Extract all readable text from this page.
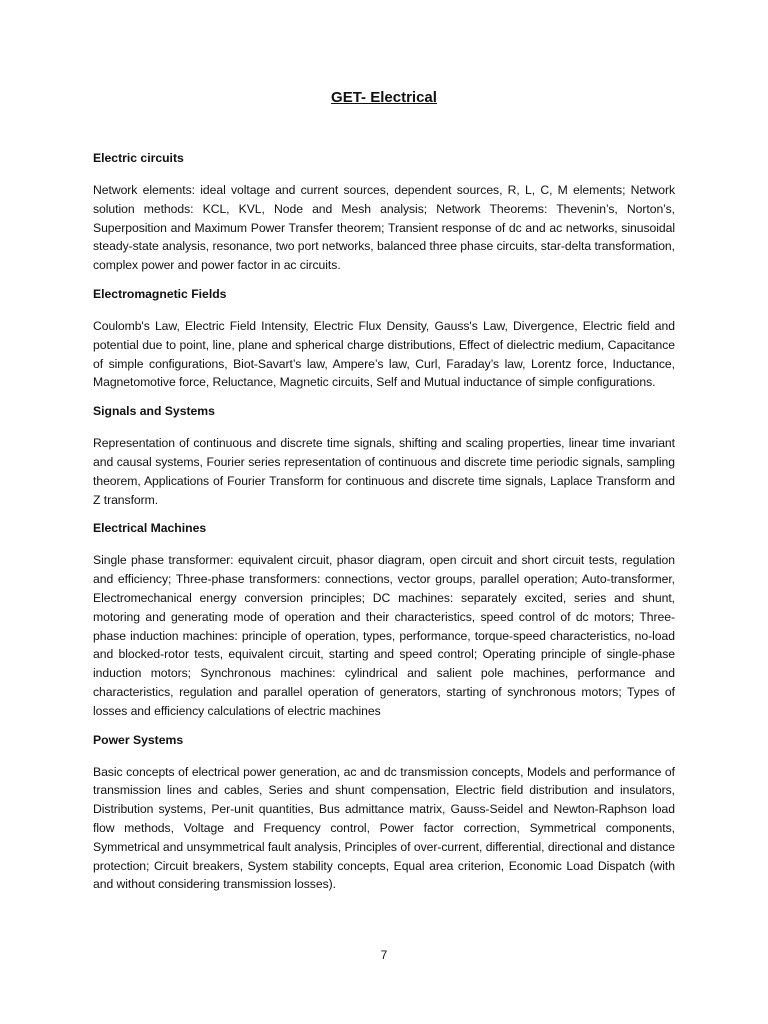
GET- Electrical
Electric circuits

Network elements: ideal voltage and current sources, dependent sources, R, L, C, M elements; Network solution methods: KCL, KVL, Node and Mesh analysis; Network Theorems: Thevenin’s, Norton’s, Superposition and Maximum Power Transfer theorem; Transient response of dc and ac networks, sinusoidal steady-state analysis, resonance, two port networks, balanced three phase circuits, star-delta transformation, complex power and power factor in ac circuits.

Electromagnetic Fields

Coulomb's Law, Electric Field Intensity, Electric Flux Density, Gauss's Law, Divergence, Electric field and potential due to point, line, plane and spherical charge distributions, Effect of dielectric medium, Capacitance of simple configurations, Biot-Savart’s law, Ampere’s law, Curl, Faraday’s law, Lorentz force, Inductance, Magnetomotive force, Reluctance, Magnetic circuits, Self and Mutual inductance of simple configurations.

Signals and Systems

Representation of continuous and discrete time signals, shifting and scaling properties, linear time invariant and causal systems, Fourier series representation of continuous and discrete time periodic signals, sampling theorem, Applications of Fourier Transform for continuous and discrete time signals, Laplace Transform and Z transform.

Electrical Machines

Single phase transformer: equivalent circuit, phasor diagram, open circuit and short circuit tests, regulation and efficiency; Three-phase transformers: connections, vector groups, parallel operation; Auto-transformer, Electromechanical energy conversion principles; DC machines: separately excited, series and shunt, motoring and generating mode of operation and their characteristics, speed control of dc motors; Three-phase induction machines: principle of operation, types, performance, torque-speed characteristics, no-load and blocked-rotor tests, equivalent circuit, starting and speed control; Operating principle of single-phase induction motors; Synchronous machines: cylindrical and salient pole machines, performance and characteristics, regulation and parallel operation of generators, starting of synchronous motors; Types of losses and efficiency calculations of electric machines

Power Systems

Basic concepts of electrical power generation, ac and dc transmission concepts, Models and performance of transmission lines and cables, Series and shunt compensation, Electric field distribution and insulators, Distribution systems, Per-unit quantities, Bus admittance matrix, Gauss-Seidel and Newton-Raphson load flow methods, Voltage and Frequency control, Power factor correction, Symmetrical components, Symmetrical and unsymmetrical fault analysis, Principles of over-current, differential, directional and distance protection; Circuit breakers, System stability concepts, Equal area criterion, Economic Load Dispatch (with and without considering transmission losses).

7
